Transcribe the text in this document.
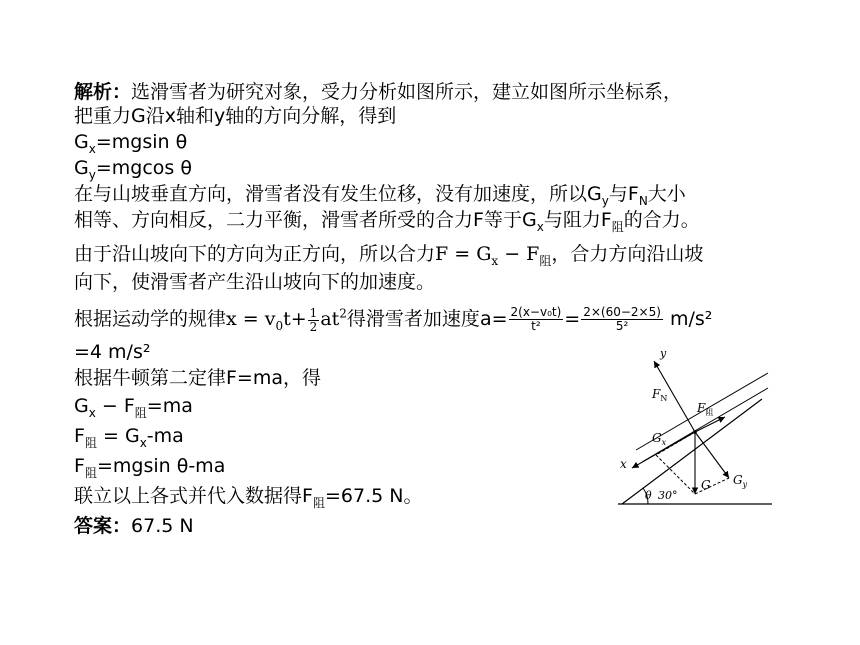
解析：选滑雪者为研究对象，受力分析如图所示，建立如图所示坐标系，
把重力G沿x轴和y轴的方向分解，得到
$G_x=mgsin$ θ
$G_y=mgcos$ θ
在与山坡垂直方向，滑雪者没有发生位移，没有加速度，所以$G_y$与$F_N$大小
相等、方向相反，二力平衡，滑雪者所受的合力F等于$G_x$与阻力$F_阻$的合力。
由于沿山坡向下的方向为正方向，所以合力$F = G_x - F_阻$，合力方向沿山坡
向下，使滑雪者产生沿山坡向下的加速度。
根据运动学的规律$x = v_0t+ \frac{1}{2} at^2$得滑雪者加速度$a= \frac{\text{2(x−v₀t)}}{\text{t²}} = \frac{2\times(60-2\times 5)}{\text{5²}} m/s^2$
=4 m/s²
根据牛顿第二定律F=ma，得
$G_x - F_阻=ma$
$F_阻 = G_x-ma$
$F_阻=mgsin$ θ-ma
联立以上各式并代入数据得$F_阻=67.5$ N。
答案：67.5 N
y
x
$F_N$
$F_阻$
$G_x$
G $G_y$
θ 30°
